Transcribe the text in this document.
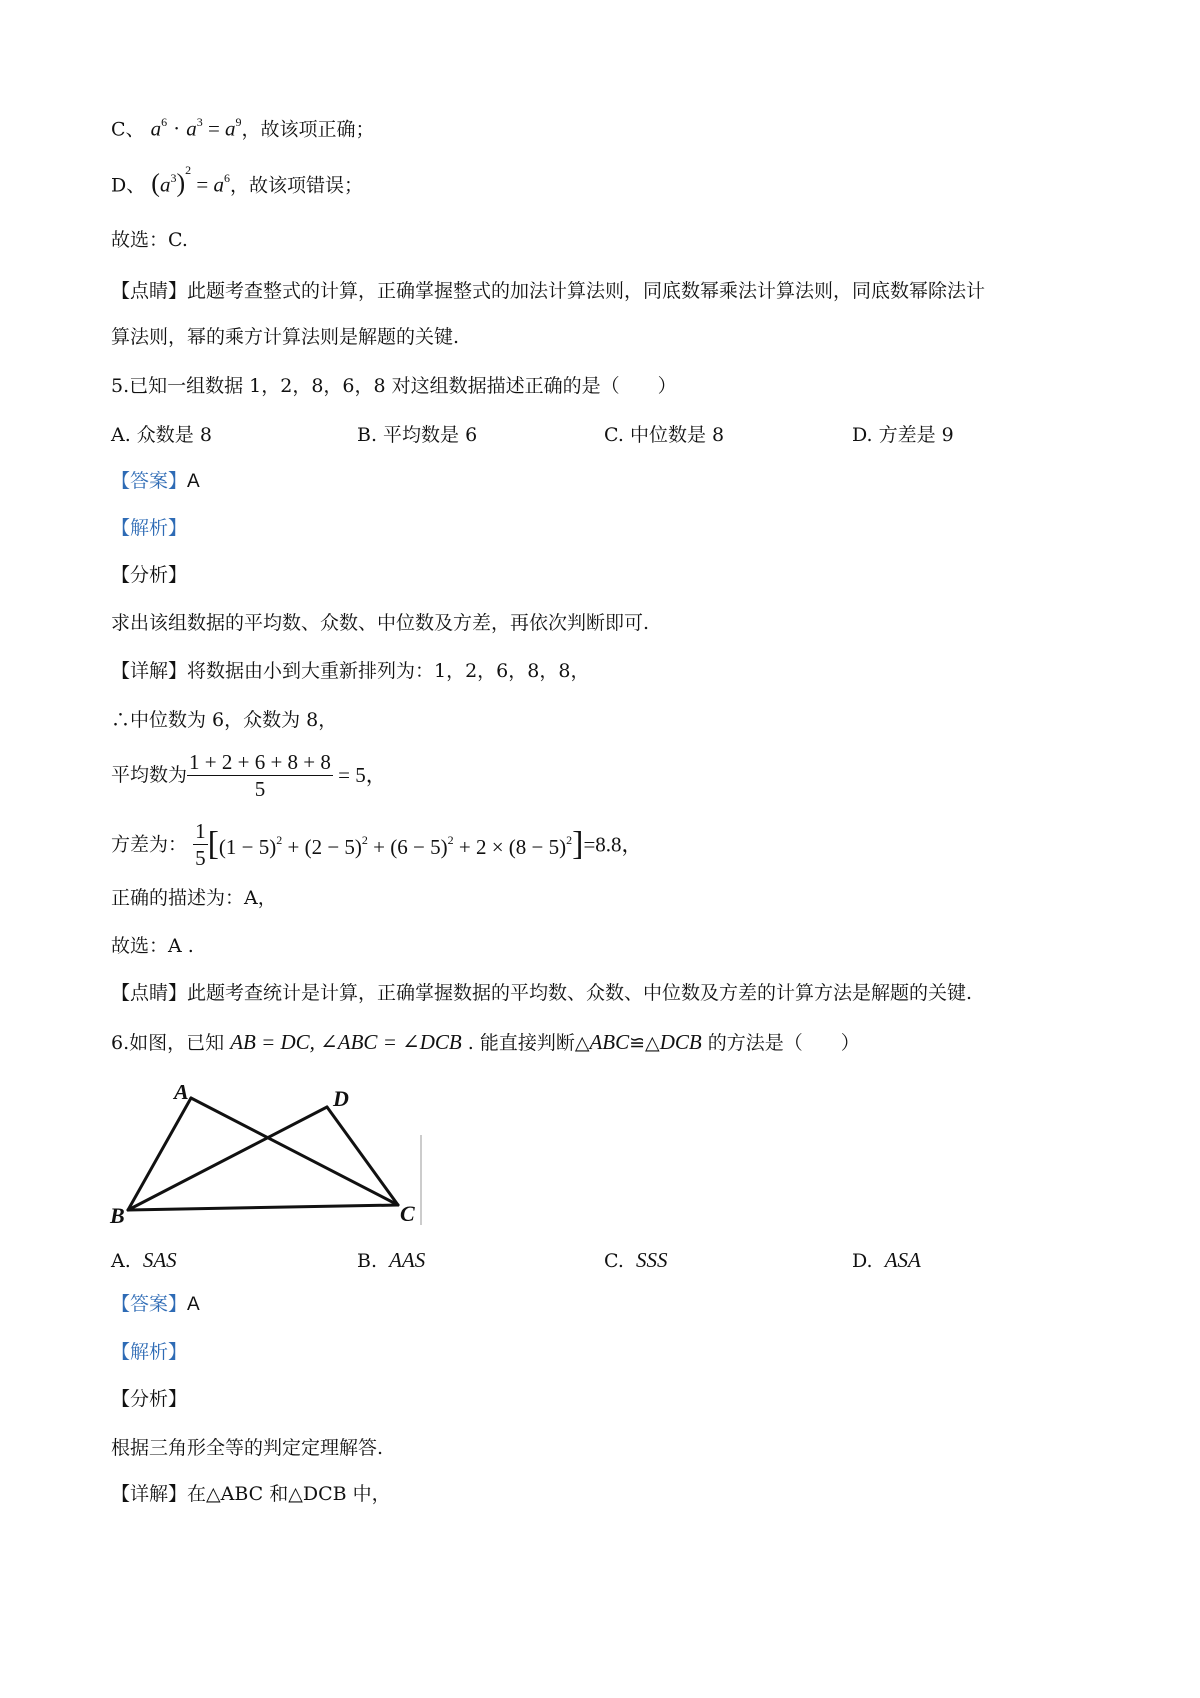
C、 $a^6 \cdot a^3 = a^9$，故该项正确；
D、 $(a^3)^2 = a^6$，故该项错误；
故选：C.
【点睛】此题考查整式的计算，正确掌握整式的加法计算法则，同底数幂乘法计算法则，同底数幂除法计
算法则，幂的乘方计算法则是解题的关键.
5.已知一组数据 1，2，8，6，8 对这组数据描述正确的是（　　）
A. 众数是 8	B. 平均数是 6	C. 中位数是 8	D. 方差是 9
【答案】A
【解析】
【分析】
求出该组数据的平均数、众数、中位数及方差，再依次判断即可.
【详解】将数据由小到大重新排列为：1，2，6，8，8，
∴中位数为 6，众数为 8，
平均数为 $\frac{1 + 2 + 6 + 8 + 8}{5} = 5$，
方差为： $\frac{1}{5} [(1 - 5)^2 + (2 - 5)^2 + (6 - 5)^2 + 2 \times (8 - 5)^2]=8.8$，
正确的描述为：A，
故选：A .
【点睛】此题考查统计是计算，正确掌握数据的平均数、众数、中位数及方差的计算方法是解题的关键.
6.如图，已知 AB = DC, ∠ABC = ∠DCB . 能直接判断△ABC≌△DCB 的方法是（　　）
A	D
B	C
A. SAS	B. AAS	C. SSS	D. ASA
【答案】A
【解析】
【分析】
根据三角形全等的判定定理解答.
【详解】在△ABC 和△DCB 中，
